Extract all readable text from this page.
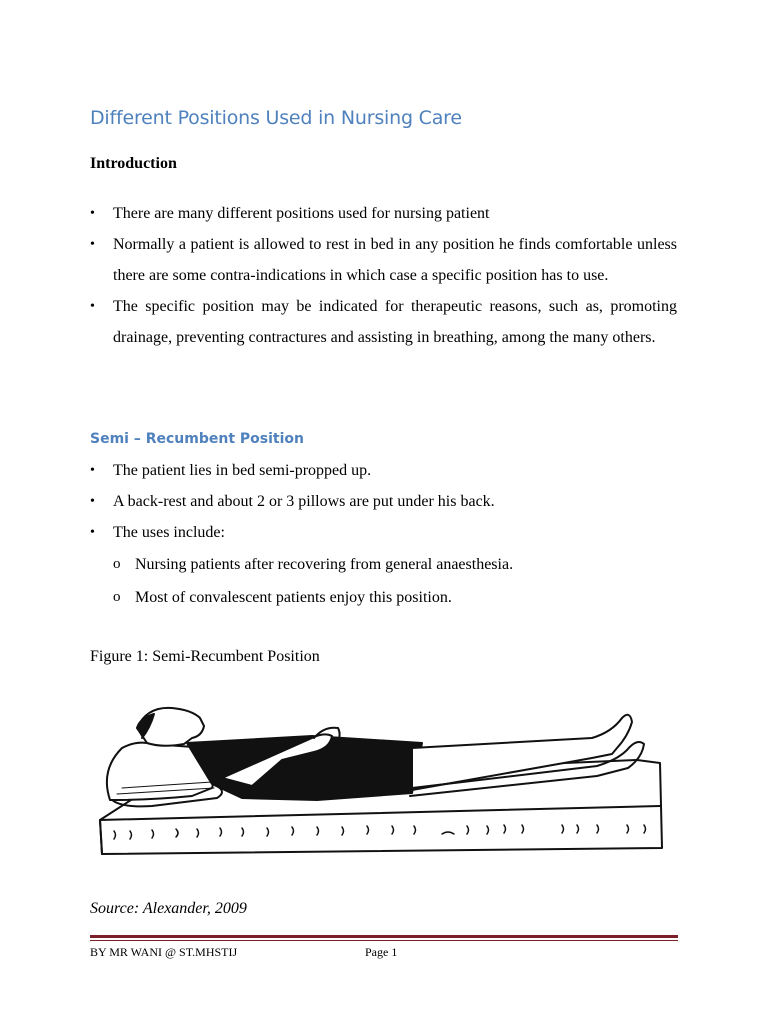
Different Positions Used in Nursing Care
Introduction
• There are many different positions used for nursing patient
• Normally a patient is allowed to rest in bed in any position he finds comfortable unless there are some contra-indications in which case a specific position has to use.
• The specific position may be indicated for therapeutic reasons, such as, promoting drainage, preventing contractures and assisting in breathing, among the many others.
Semi – Recumbent Position
• The patient lies in bed semi-propped up.
• A back-rest and about 2 or 3 pillows are put under his back.
• The uses include:
o Nursing patients after recovering from general anaesthesia.
o Most of convalescent patients enjoy this position.
Figure 1: Semi-Recumbent Position
Source: Alexander, 2009
BY MR WANI @ ST.MHSTIJ	Page 1
